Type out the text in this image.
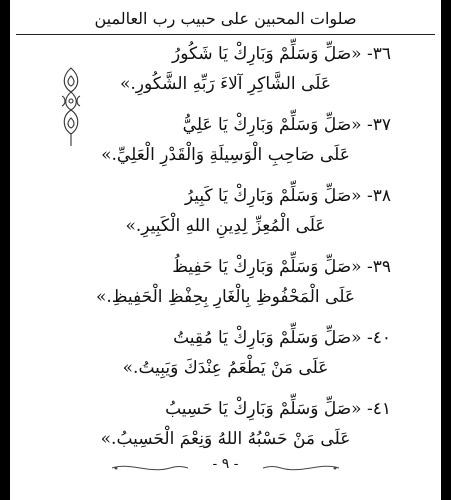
صلوات المحبين على حبيب رب العالمين
٣٦- «صَلِّ وَسَلِّمْ وَبَارِكْ يَا شَكُورُ
عَلَى الشَّاكِرِ آلاءَ رَبِّهِ الشَّكُورِ.»
٣٧- «صَلِّ وَسَلِّمْ وَبَارِكْ يَا عَلِيُّ
عَلَى صَاحِبِ الْوَسِيلَةِ وَالْقَدْرِ الْعَلِيِّ.»
٣٨- «صَلِّ وَسَلِّمْ وَبَارِكْ يَا كَبِيرُ
عَلَى الْمُعِزِّ لِدِينِ اللهِ الْكَبِيرِ.»
٣٩- «صَلِّ وَسَلِّمْ وَبَارِكْ يَا حَفِيظُ
عَلَى الْمَحْفُوظِ بِالْغَارِ بِحِفْظِ الْحَفِيظِ.»
٤٠- «صَلِّ وَسَلِّمْ وَبَارِكْ يَا مُقِيتُ
عَلَى مَنْ يَطْعَمُ عِنْدَكَ وَيَبِيتُ.»
٤١- «صَلِّ وَسَلِّمْ وَبَارِكْ يَا حَسِيبُ
عَلَى مَنْ حَسْبُهُ اللهُ وَنِعْمَ الْحَسِيبُ.»
- ٩ -
